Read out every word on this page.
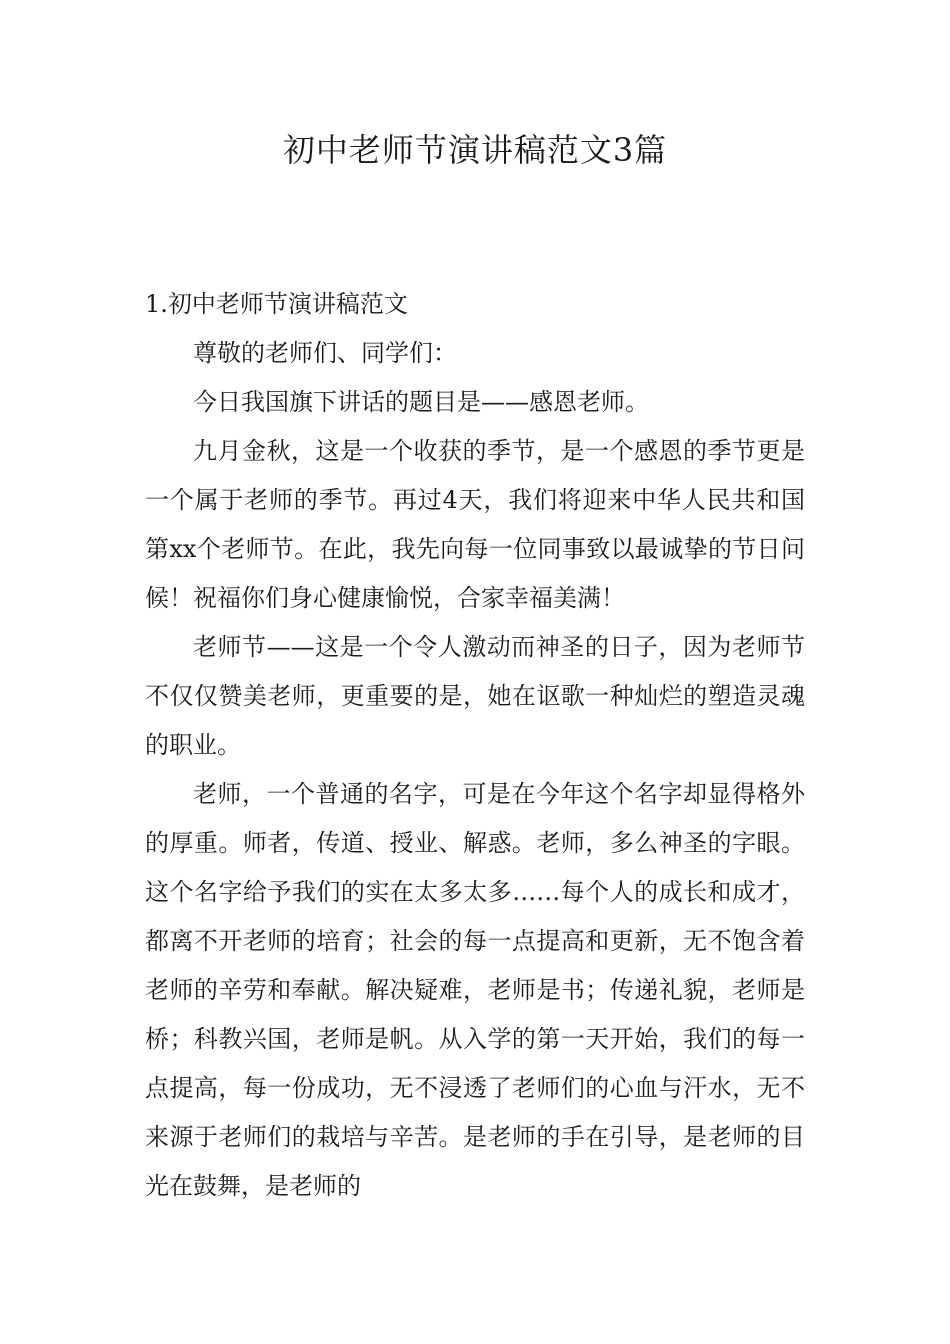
初中老师节演讲稿范文3篇

1.初中老师节演讲稿范文

尊敬的老师们、同学们：

今日我国旗下讲话的题目是——感恩老师。

九月金秋，这是一个收获的季节，是一个感恩的季节更是一个属于老师的季节。再过4天，我们将迎来中华人民共和国第xx个老师节。在此，我先向每一位同事致以最诚挚的节日问候！祝福你们身心健康愉悦，合家幸福美满！

老师节——这是一个令人激动而神圣的日子，因为老师节不仅仅赞美老师，更重要的是，她在讴歌一种灿烂的塑造灵魂的职业。

老师，一个普通的名字，可是在今年这个名字却显得格外的厚重。师者，传道、授业、解惑。老师，多么神圣的字眼。这个名字给予我们的实在太多太多……每个人的成长和成才，都离不开老师的培育；社会的每一点提高和更新，无不饱含着老师的辛劳和奉献。解决疑难，老师是书；传递礼貌，老师是桥；科教兴国，老师是帆。从入学的第一天开始，我们的每一点提高，每一份成功，无不浸透了老师们的心血与汗水，无不来源于老师们的栽培与辛苦。是老师的手在引导，是老师的目光在鼓舞，是老师的
